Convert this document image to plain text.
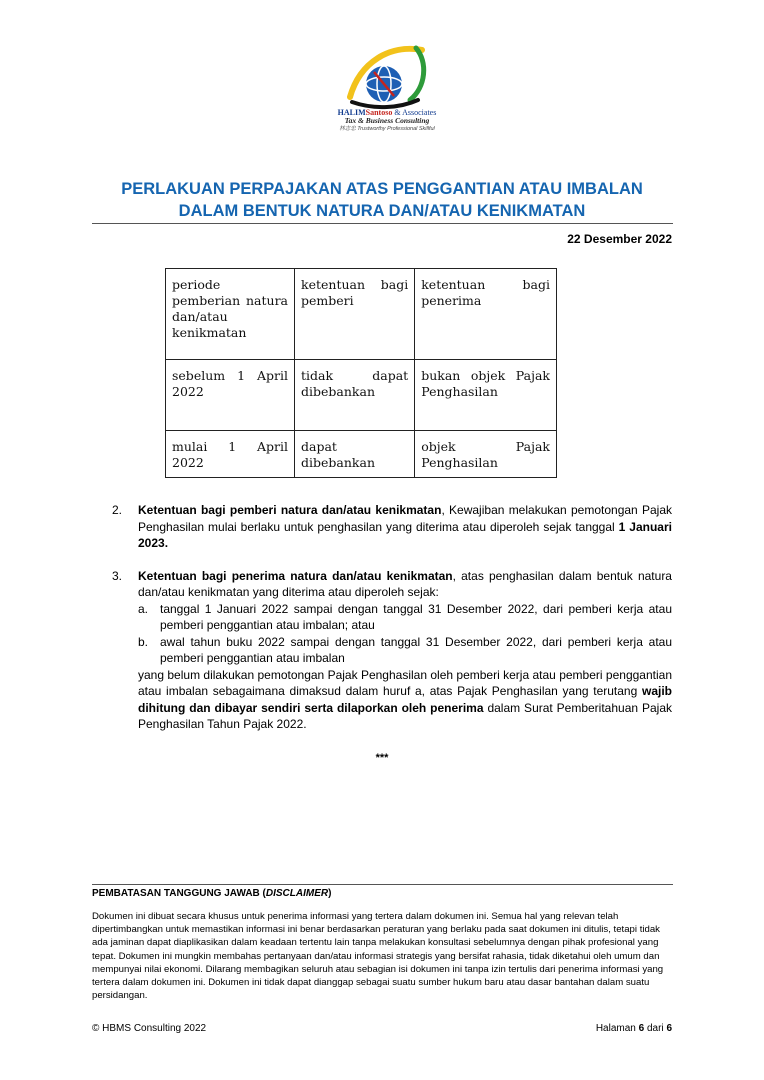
HALIMSantoso & Associates
Tax & Business Consulting
林志忠 Trustworthy Professional Skillful
PERLAKUAN PERPAJAKAN ATAS PENGGANTIAN ATAU IMBALAN
DALAM BENTUK NATURA DAN/ATAU KENIKMATAN
22 Desember 2022
periode pemberian natura dan/atau kenikmatan	ketentuan bagi pemberi	ketentuan bagi penerima
sebelum 1 April 2022	tidak dapat dibebankan	bukan objek Pajak Penghasilan
mulai 1 April 2022	dapat dibebankan	objek Pajak Penghasilan
2. Ketentuan bagi pemberi natura dan/atau kenikmatan, Kewajiban melakukan pemotongan Pajak Penghasilan mulai berlaku untuk penghasilan yang diterima atau diperoleh sejak tanggal 1 Januari 2023.
3. Ketentuan bagi penerima natura dan/atau kenikmatan, atas penghasilan dalam bentuk natura dan/atau kenikmatan yang diterima atau diperoleh sejak:
a. tanggal 1 Januari 2022 sampai dengan tanggal 31 Desember 2022, dari pemberi kerja atau pemberi penggantian atau imbalan; atau
b. awal tahun buku 2022 sampai dengan tanggal 31 Desember 2022, dari pemberi kerja atau pemberi penggantian atau imbalan
yang belum dilakukan pemotongan Pajak Penghasilan oleh pemberi kerja atau pemberi penggantian atau imbalan sebagaimana dimaksud dalam huruf a, atas Pajak Penghasilan yang terutang wajib dihitung dan dibayar sendiri serta dilaporkan oleh penerima dalam Surat Pemberitahuan Pajak Penghasilan Tahun Pajak 2022.
***
PEMBATASAN TANGGUNG JAWAB (DISCLAIMER)
Dokumen ini dibuat secara khusus untuk penerima informasi yang tertera dalam dokumen ini. Semua hal yang relevan telah dipertimbangkan untuk memastikan informasi ini benar berdasarkan peraturan yang berlaku pada saat dokumen ini ditulis, tetapi tidak ada jaminan dapat diaplikasikan dalam keadaan tertentu lain tanpa melakukan konsultasi sebelumnya dengan pihak profesional yang tepat. Dokumen ini mungkin membahas pertanyaan dan/atau informasi strategis yang bersifat rahasia, tidak diketahui oleh umum dan mempunyai nilai ekonomi. Dilarang membagikan seluruh atau sebagian isi dokumen ini tanpa izin tertulis dari penerima informasi yang tertera dalam dokumen ini. Dokumen ini tidak dapat dianggap sebagai suatu sumber hukum baru atau dasar bantahan dalam suatu persidangan.
© HBMS Consulting 2022	Halaman 6 dari 6
